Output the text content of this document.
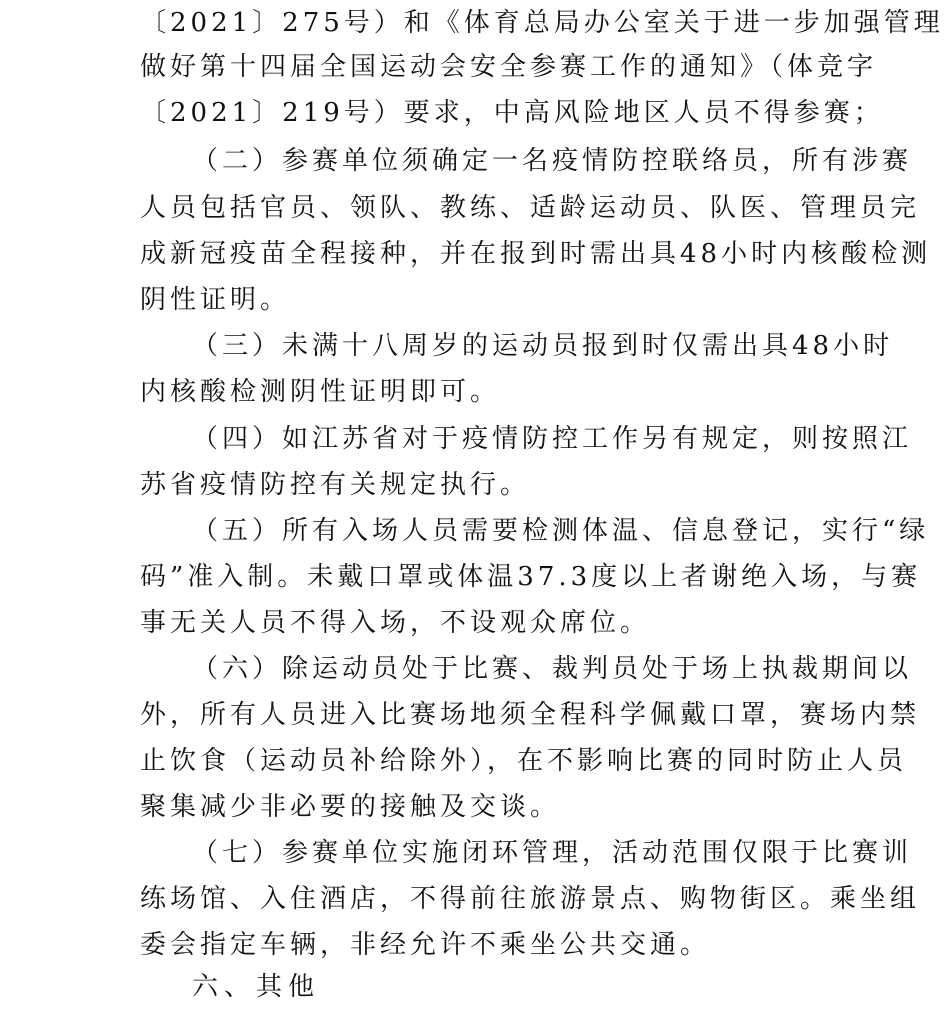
〔2021〕275号）和《体育总局办公室关于进一步加强管理
做好第十四届全国运动会安全参赛工作的通知》（体竞字
〔2021〕219号）要求，中高风险地区人员不得参赛；
（二）参赛单位须确定一名疫情防控联络员，所有涉赛
人员包括官员、领队、教练、适龄运动员、队医、管理员完
成新冠疫苗全程接种，并在报到时需出具48小时内核酸检测
阴性证明。
（三）未满十八周岁的运动员报到时仅需出具48小时
内核酸检测阴性证明即可。
（四）如江苏省对于疫情防控工作另有规定，则按照江
苏省疫情防控有关规定执行。
（五）所有入场人员需要检测体温、信息登记，实行“绿
码”准入制。未戴口罩或体温37.3度以上者谢绝入场，与赛
事无关人员不得入场，不设观众席位。
（六）除运动员处于比赛、裁判员处于场上执裁期间以
外，所有人员进入比赛场地须全程科学佩戴口罩，赛场内禁
止饮食（运动员补给除外），在不影响比赛的同时防止人员
聚集减少非必要的接触及交谈。
（七）参赛单位实施闭环管理，活动范围仅限于比赛训
练场馆、入住酒店，不得前往旅游景点、购物街区。乘坐组
委会指定车辆，非经允许不乘坐公共交通。
六、其他
